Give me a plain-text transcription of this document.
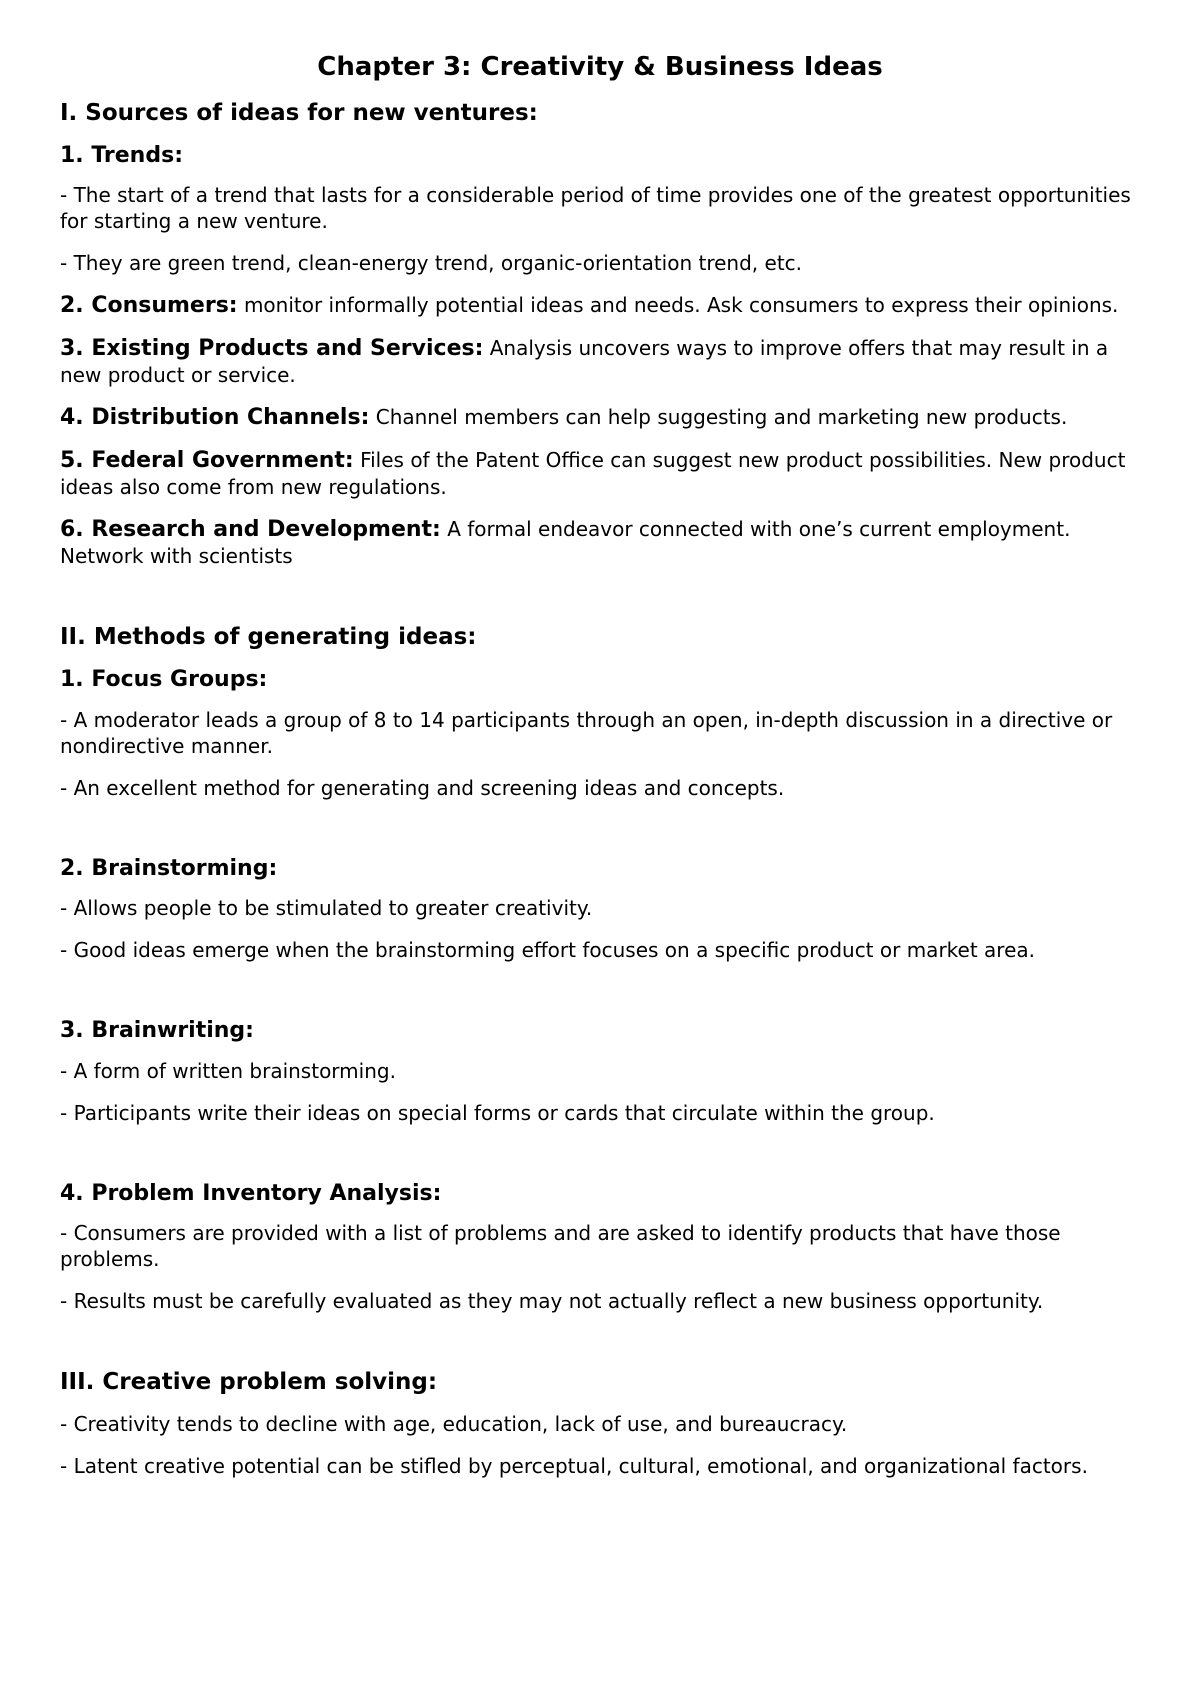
Chapter 3: Creativity & Business Ideas
I. Sources of ideas for new ventures:
1. Trends:

- The start of a trend that lasts for a considerable period of time provides one of the greatest opportunities for starting a new venture.

- They are green trend, clean-energy trend, organic-orientation trend, etc.

2. Consumers: monitor informally potential ideas and needs. Ask consumers to express their opinions.

3. Existing Products and Services: Analysis uncovers ways to improve offers that may result in a new product or service.

4. Distribution Channels: Channel members can help suggesting and marketing new products.

5. Federal Government: Files of the Patent Office can suggest new product possibilities. New product ideas also come from new regulations.

6. Research and Development: A formal endeavor connected with one’s current employment. Network with scientists

II. Methods of generating ideas:
1. Focus Groups:

- A moderator leads a group of 8 to 14 participants through an open, in-depth discussion in a directive or nondirective manner.

- An excellent method for generating and screening ideas and concepts.

2. Brainstorming:

- Allows people to be stimulated to greater creativity.

- Good ideas emerge when the brainstorming effort focuses on a specific product or market area.

3. Brainwriting:

- A form of written brainstorming.

- Participants write their ideas on special forms or cards that circulate within the group.

4. Problem Inventory Analysis:

- Consumers are provided with a list of problems and are asked to identify products that have those problems.

- Results must be carefully evaluated as they may not actually reflect a new business opportunity.

III. Creative problem solving:

- Creativity tends to decline with age, education, lack of use, and bureaucracy.

- Latent creative potential can be stifled by perceptual, cultural, emotional, and organizational factors.
